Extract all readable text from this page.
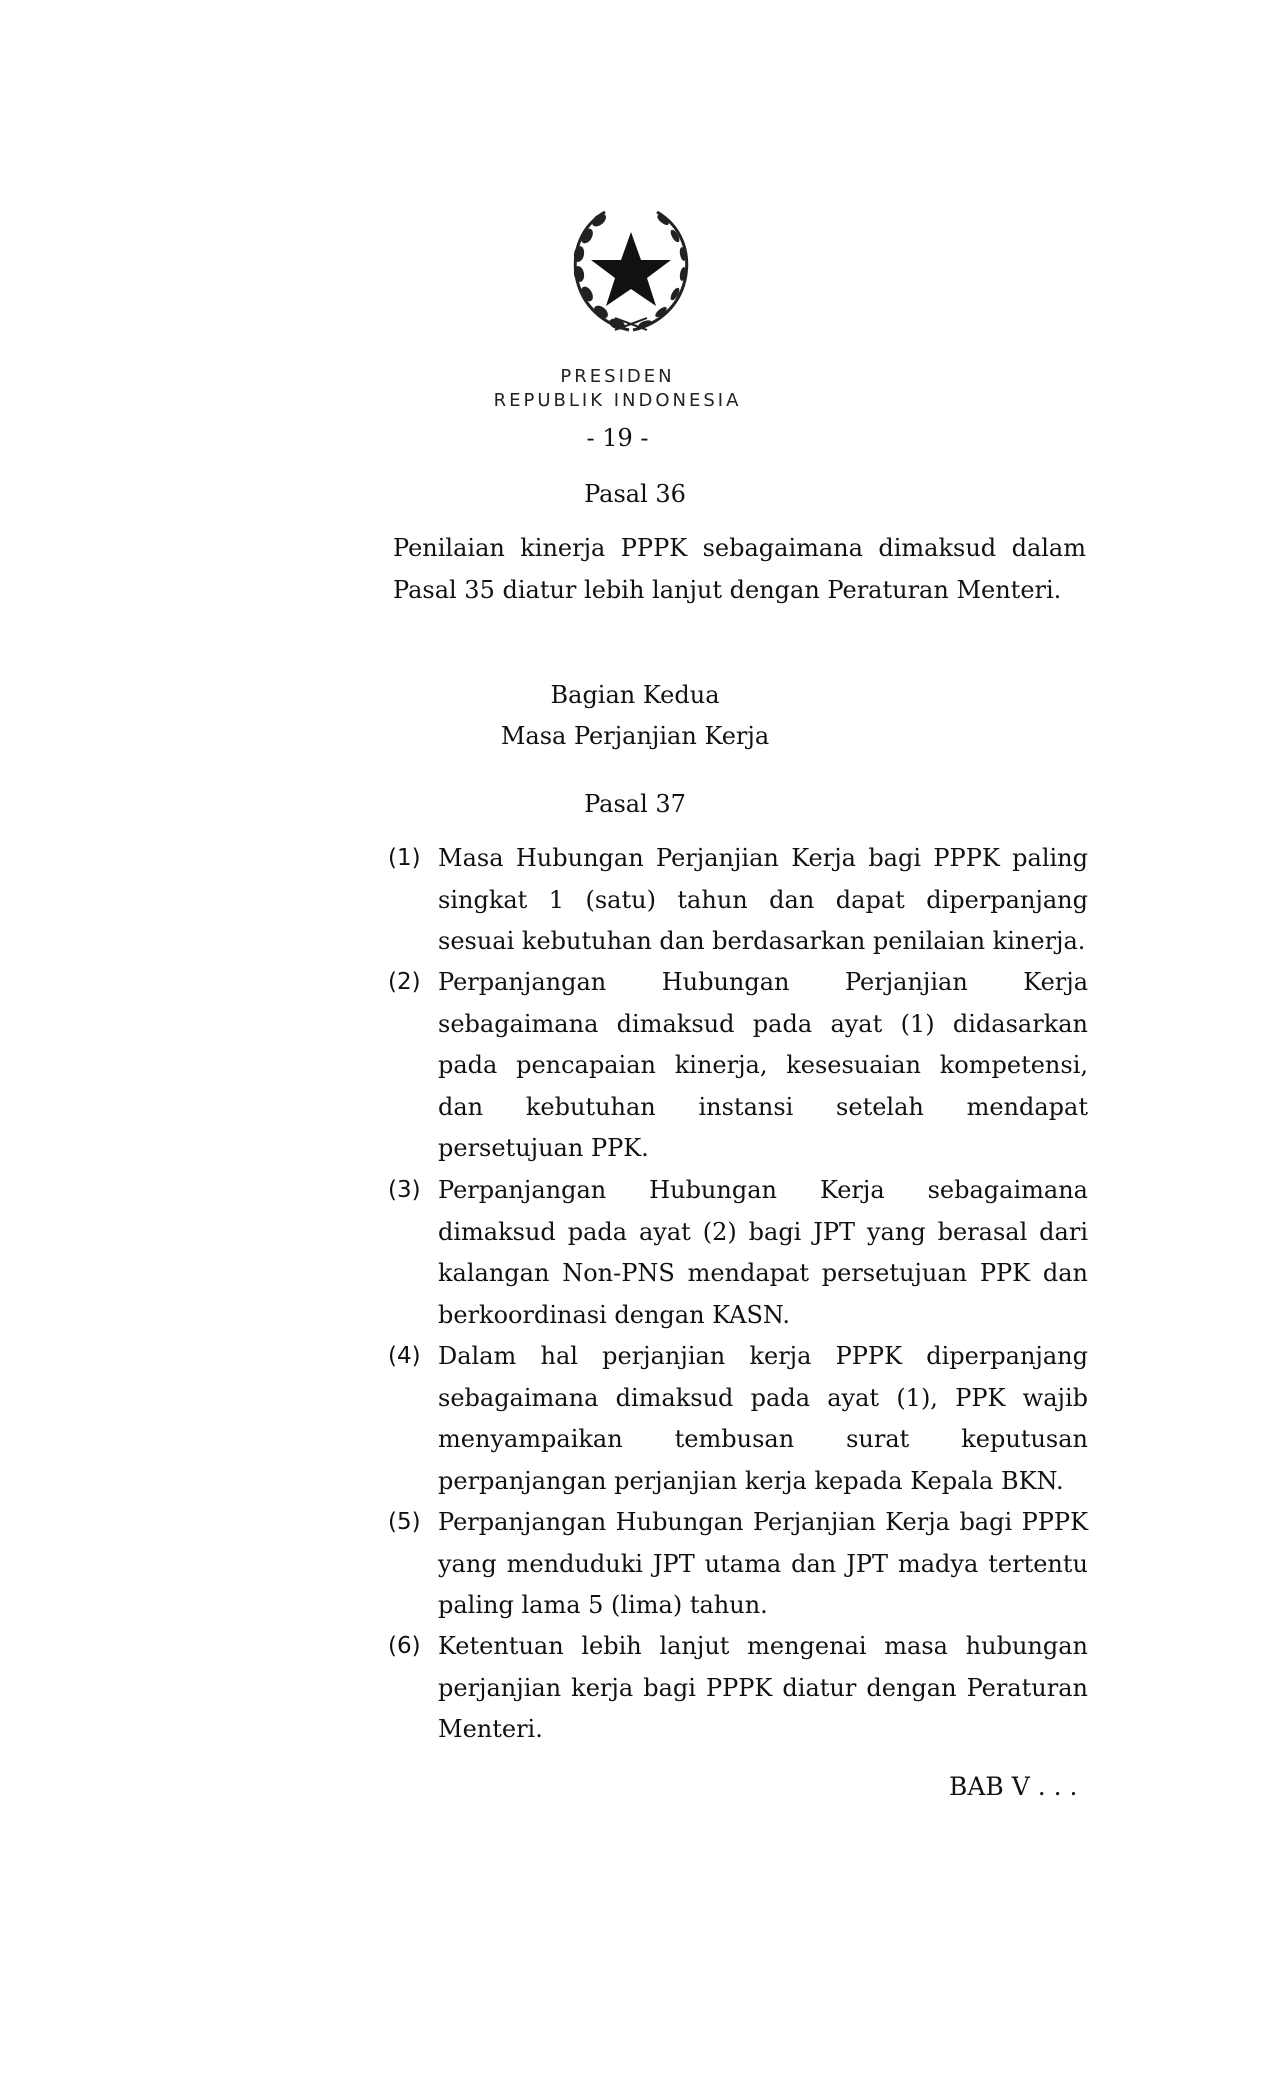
PRESIDEN
REPUBLIK INDONESIA
- 19 -
Pasal 36

Penilaian kinerja PPPK sebagaimana dimaksud dalam Pasal 35 diatur lebih lanjut dengan Peraturan Menteri.

Bagian Kedua
Masa Perjanjian Kerja
Pasal 37
(1) Masa Hubungan Perjanjian Kerja bagi PPPK paling singkat 1 (satu) tahun dan dapat diperpanjang sesuai kebutuhan dan berdasarkan penilaian kinerja.
(2) Perpanjangan Hubungan Perjanjian Kerja sebagaimana dimaksud pada ayat (1) didasarkan pada pencapaian kinerja, kesesuaian kompetensi, dan kebutuhan instansi setelah mendapat persetujuan PPK.
(3) Perpanjangan Hubungan Kerja sebagaimana dimaksud pada ayat (2) bagi JPT yang berasal dari kalangan Non-PNS mendapat persetujuan PPK dan berkoordinasi dengan KASN.
(4) Dalam hal perjanjian kerja PPPK diperpanjang sebagaimana dimaksud pada ayat (1), PPK wajib menyampaikan tembusan surat keputusan perpanjangan perjanjian kerja kepada Kepala BKN.
(5) Perpanjangan Hubungan Perjanjian Kerja bagi PPPK yang menduduki JPT utama dan JPT madya tertentu paling lama 5 (lima) tahun.
(6) Ketentuan lebih lanjut mengenai masa hubungan perjanjian kerja bagi PPPK diatur dengan Peraturan Menteri.
BAB V . . .
